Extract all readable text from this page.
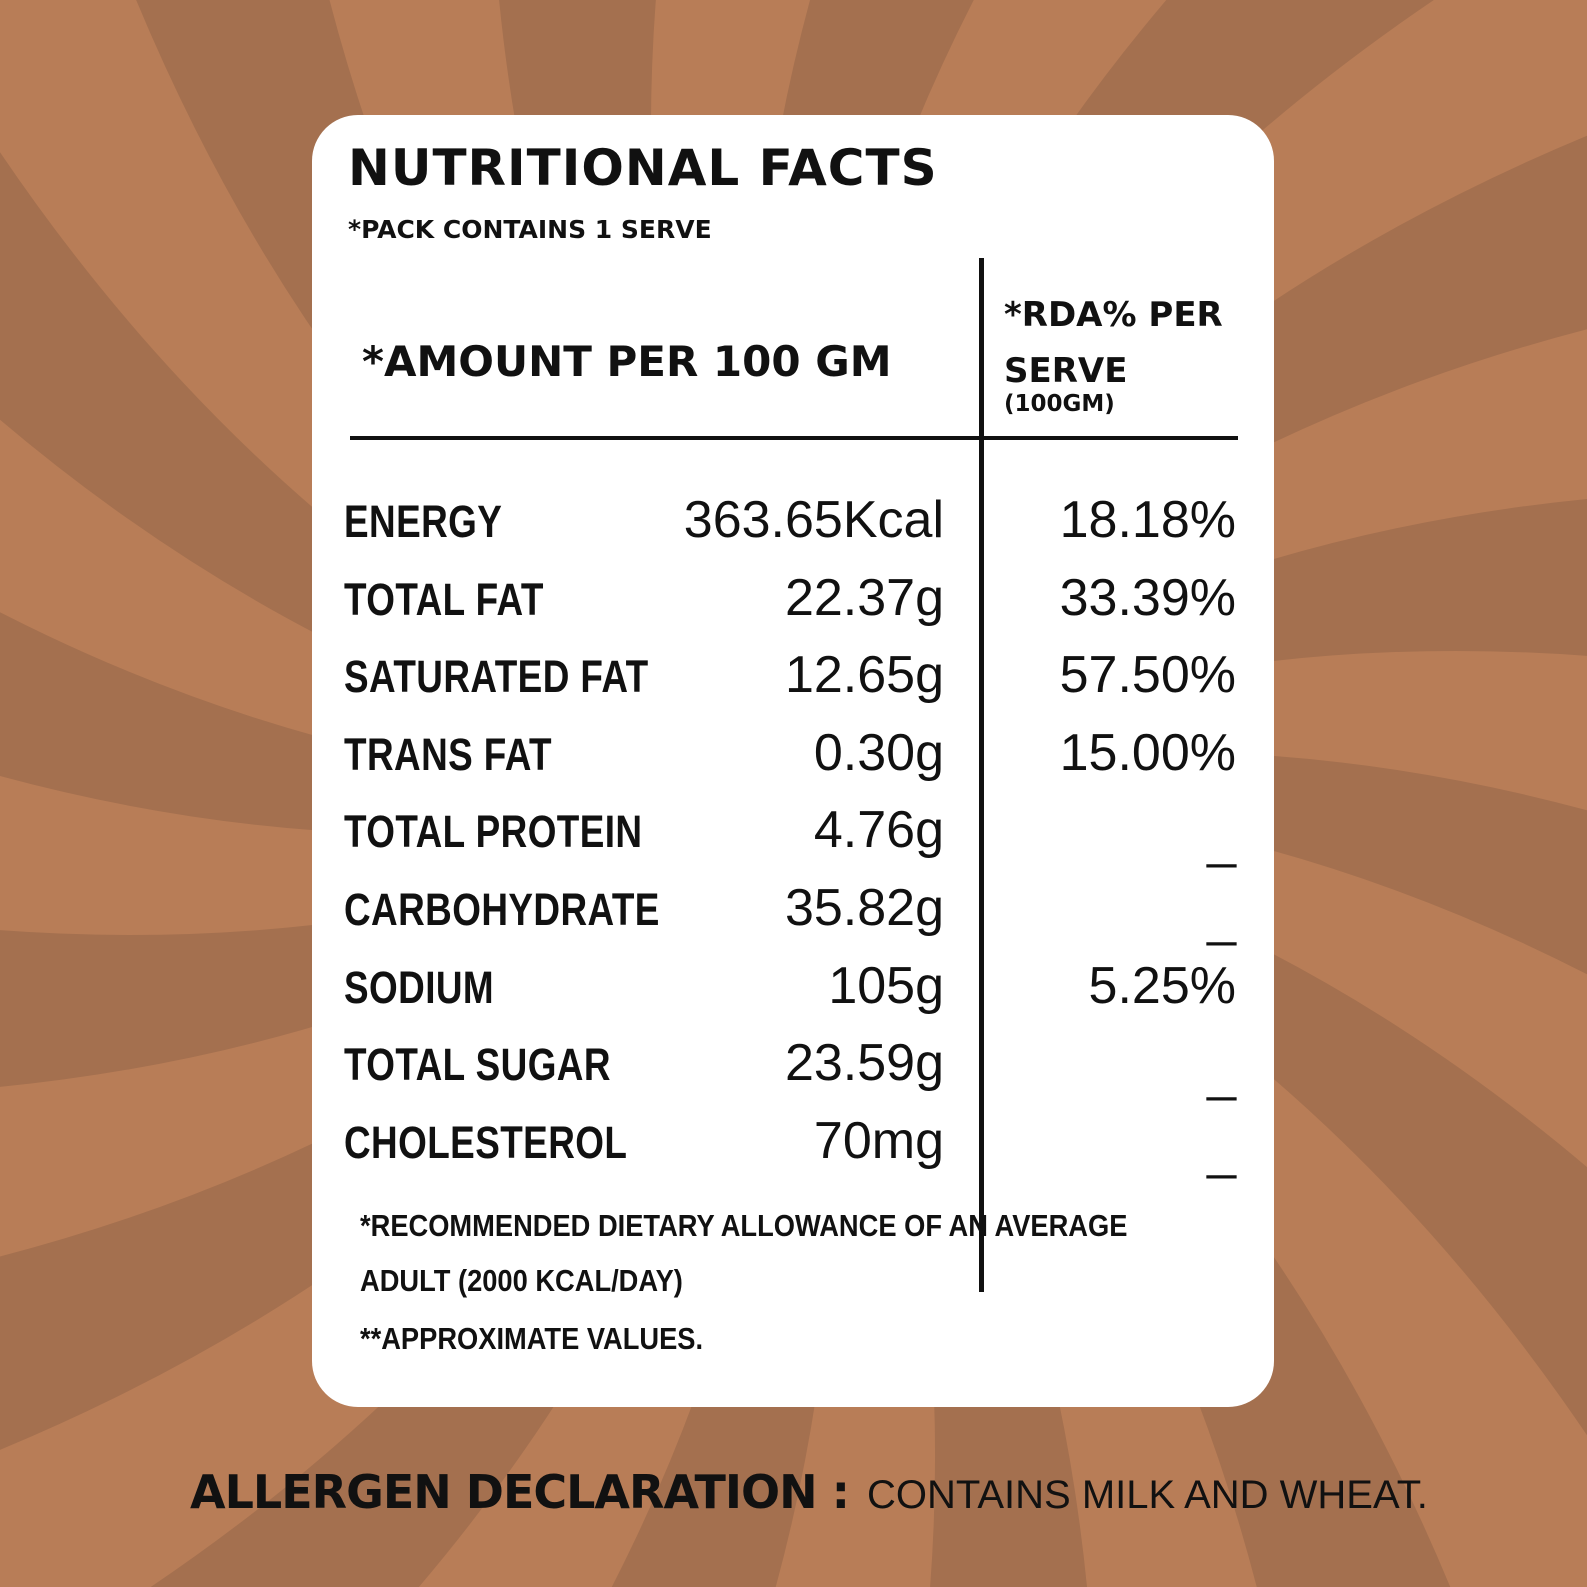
NUTRITIONAL FACTS
*PACK CONTAINS 1 SERVE
*AMOUNT PER 100 GM
*RDA% PER SERVE
(100GM)
ENERGY	363.65Kcal 18.18%
TOTAL FAT	22.37g 33.39%
SATURATED FAT	12.65g 57.50%
TRANS FAT	0.30g 15.00%
TOTAL PROTEIN	4.76g	_
CARBOHYDRATE 35.82g	_
SODIUM	105g	5.25%
TOTAL SUGAR	23.59g	_
CHOLESTEROL	70mg	_
*RECOMMENDED DIETARY ALLOWANCE OF AN AVERAGE
ADULT (2000 KCAL/DAY)
**APPROXIMATE VALUES.
ALLERGEN DECLARATION : CONTAINS MILK AND WHEAT.
